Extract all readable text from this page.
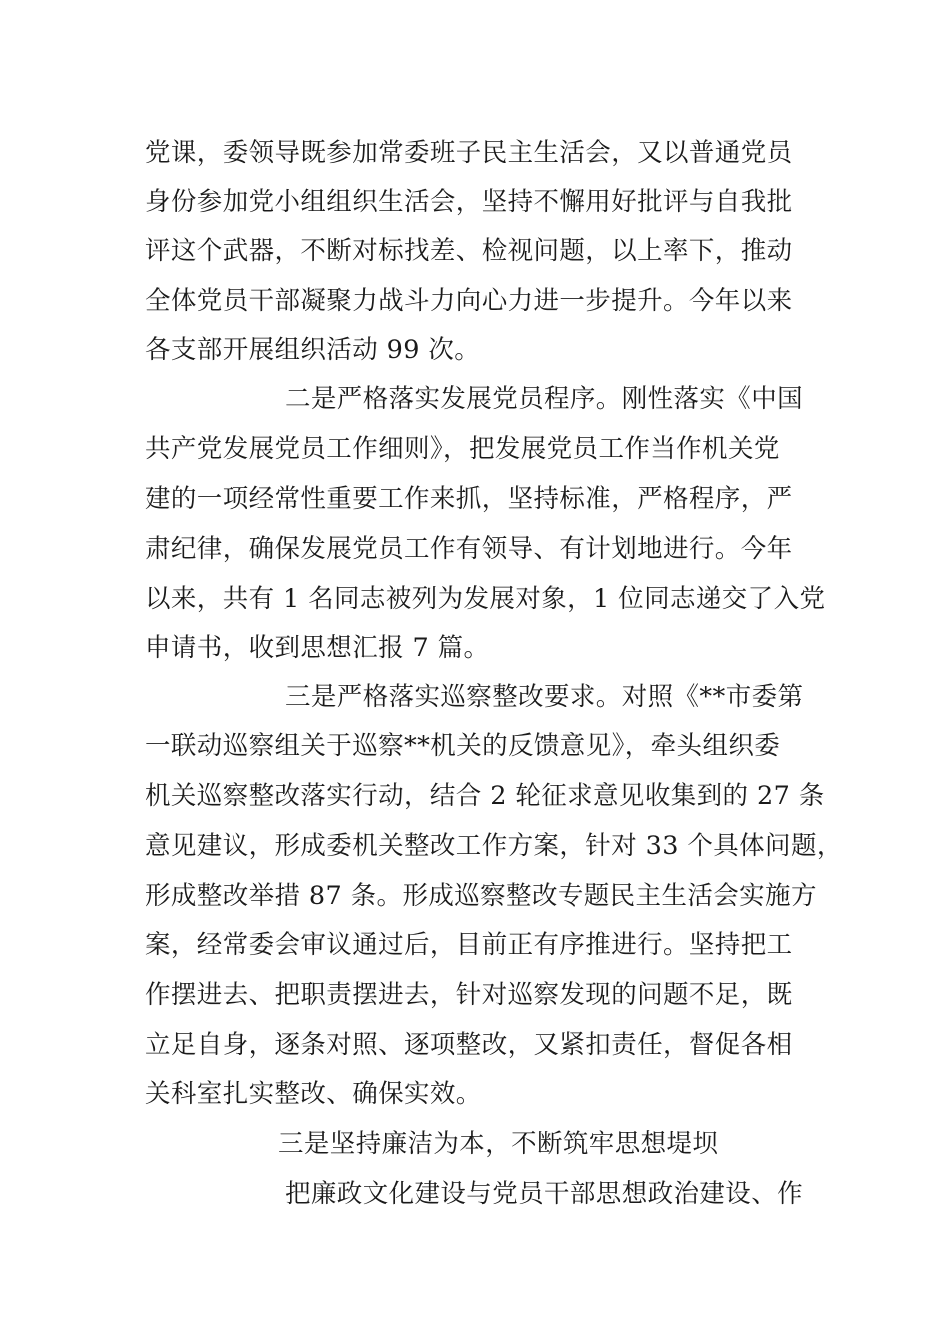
党课，委领导既参加常委班子民主生活会，又以普通党员
身份参加党小组组织生活会，坚持不懈用好批评与自我批
评这个武器，不断对标找差、检视问题，以上率下，推动
全体党员干部凝聚力战斗力向心力进一步提升。今年以来
各支部开展组织活动 99 次。
二是严格落实发展党员程序。刚性落实《中国
共产党发展党员工作细则》，把发展党员工作当作机关党
建的一项经常性重要工作来抓，坚持标准，严格程序，严
肃纪律，确保发展党员工作有领导、有计划地进行。今年
以来，共有 1 名同志被列为发展对象，1 位同志递交了入党
申请书，收到思想汇报 7 篇。
三是严格落实巡察整改要求。对照《**市委第
一联动巡察组关于巡察**机关的反馈意见》，牵头组织委
机关巡察整改落实行动，结合 2 轮征求意见收集到的 27 条
意见建议，形成委机关整改工作方案，针对 33 个具体问题，
形成整改举措 87 条。形成巡察整改专题民主生活会实施方
案，经常委会审议通过后，目前正有序推进行。坚持把工
作摆进去、把职责摆进去，针对巡察发现的问题不足，既
立足自身，逐条对照、逐项整改，又紧扣责任，督促各相
关科室扎实整改、确保实效。
三是坚持廉洁为本，不断筑牢思想堤坝
把廉政文化建设与党员干部思想政治建设、作
